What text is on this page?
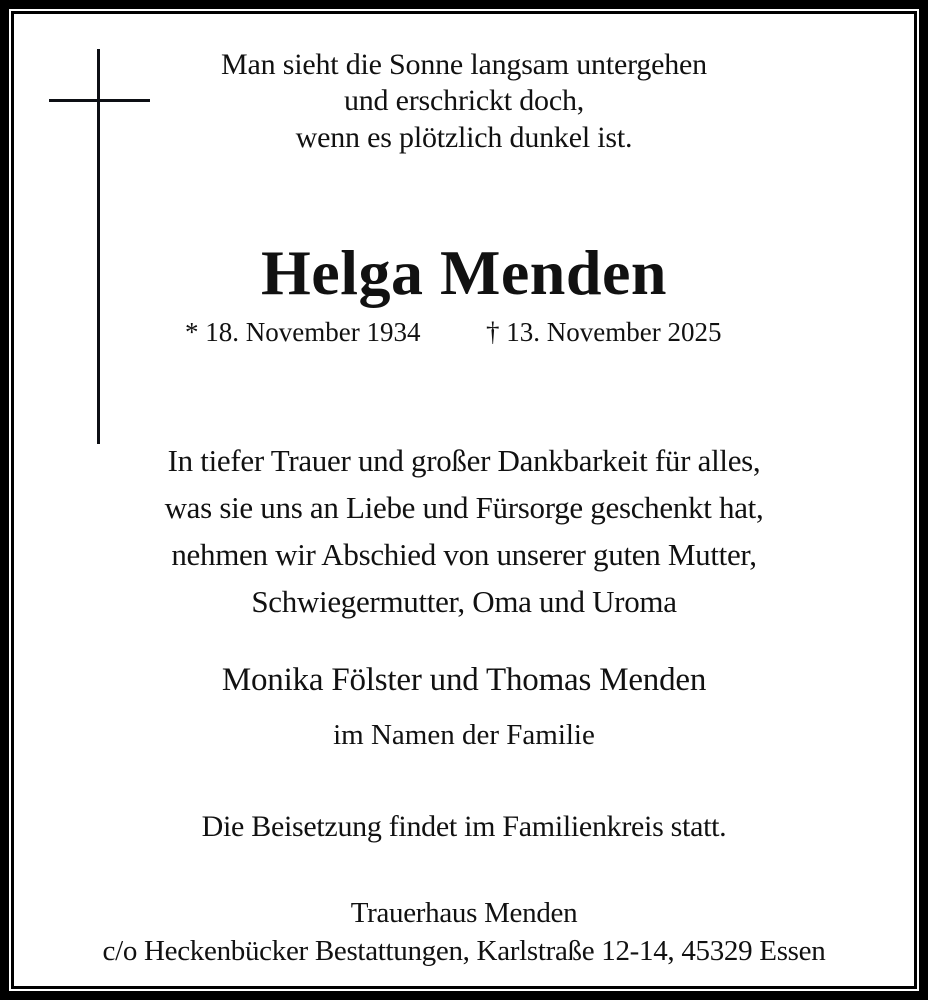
Man sieht die Sonne langsam untergehen
und erschrickt doch,
wenn es plötzlich dunkel ist.
Helga Menden
* 18. November 1934 † 13. November 2025
In tiefer Trauer und großer Dankbarkeit für alles,
was sie uns an Liebe und Fürsorge geschenkt hat,
nehmen wir Abschied von unserer guten Mutter,
Schwiegermutter, Oma und Uroma
Monika Fölster und Thomas Menden
im Namen der Familie
Die Beisetzung findet im Familienkreis statt.
Trauerhaus Menden
c/o Heckenbücker Bestattungen, Karlstraße 12-14, 45329 Essen
